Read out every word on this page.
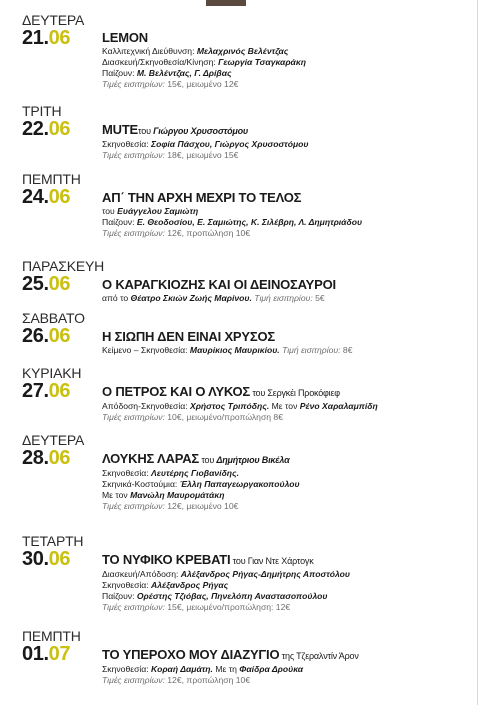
ΔΕΥΤΕΡΑ
21.06 LEMON
Καλλιτεχνική Διεύθυνση: Μελαχρινός Βελέντζας
Διασκευή/Σκηνοθεσία/Κίνηση: Γεωργία Τσαγκαράκη
Παίζουν: Μ. Βελέντζας, Γ. Δρίβας
Τιμές εισιτηρίων: 15€, μειωμένο 12€
ΤΡΙΤΗ
22.06 MUTEτου Γιώργου Χρυσοστόμου
Σκηνοθεσία: Σοφία Πάσχου, Γιώργος Χρυσοστόμου
Τιμές εισιτηρίων: 18€, μειωμένο 15€
ΠΕΜΠΤΗ
24.06 ΑΠ΄ ΤΗΝ ΑΡΧΗ ΜΕΧΡΙ ΤΟ ΤΕΛΟΣ
του Ευάγγελου Σαμιώτη
Παίζουν: Ε. Θεοδοσίου, Ε. Σαμιώτης, Κ. Σιλέβρη, Λ. Δημητριάδου
Τιμές εισιτηρίων: 12€, προπώληση 10€
ΠΑΡΑΣΚΕΥΗ
25.06 Ο ΚΑΡΑΓΚΙΟΖΗΣ ΚΑΙ ΟΙ ΔΕΙΝΟΣΑΥΡΟΙ
από το Θέατρο Σκιών Ζωής Μαρίνου. Τιμή εισιτηρίου: 5€
ΣΑΒΒΑΤΟ
26.06 Η ΣΙΩΠΗ ΔΕΝ ΕΙΝΑΙ ΧΡΥΣΟΣ
Κείμενο – Σκηνοθεσία: Μαυρίκιος Μαυρικίου. Τιμή εισιτηρίου: 8€
ΚΥΡΙΑΚΗ
27.06 Ο ΠΕΤΡΟΣ ΚΑΙ Ο ΛΥΚΟΣ του Σεργκέι Προκόφιεφ
Απόδοση-Σκηνοθεσία: Χρήστος Τριπόδης. Με τον Ρένο Χαραλαμπίδη
Τιμές εισιτηρίων: 10€, μειωμένο/προπώληση 8€
ΔΕΥΤΕΡΑ
28.06 ΛΟΥΚΗΣ ΛΑΡΑΣ του Δημήτριου Βικέλα
Σκηνοθεσία: Λευτέρης Γιοβανίδης.
Σκηνικά-Κοστούμια: Έλλη Παπαγεωργακοπούλου
Με τον Μανώλη Μαυρομάτάκη
Τιμές εισιτηρίων: 12€, μειωμένο 10€
ΤΕΤΑΡΤΗ
30.06 ΤΟ ΝΥΦΙΚΟ ΚΡΕΒΑΤΙ του Γιαν Ντε Χάρτογκ
Διασκευή/Απόδοση: Αλέξανδρος Ρήγας-Δημήτρης Αποστόλου
Σκηνοθεσία: Αλέξανδρος Ρήγας
Παίζουν: Ορέστης Τζιόβας, Πηνελόπη Αναστασοπούλου
Τιμές εισιτηρίων: 15€, μειωμένο/προπώληση: 12€
ΠΕΜΠΤΗ
01.07 ΤΟ ΥΠΕΡΟΧΟ ΜΟΥ ΔΙΑΖΥΓΙΟ της Τζεραλντίν Άρον
Σκηνοθεσία: Κοραή Δαμάτη. Με τη Φαίδρα Δρούκα
Τιμές εισιτηρίων: 12€, προπώληση 10€
